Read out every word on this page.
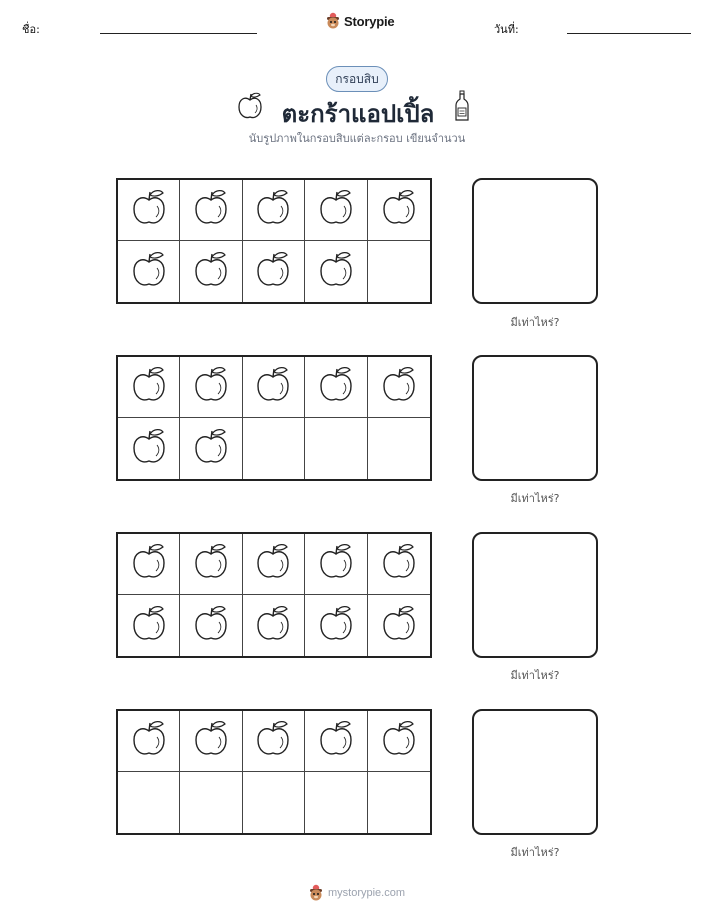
ชื่อ:
Storypie
วันที่:
กรอบสิบ
ตะกร้าแอปเปิ้ล
นับรูปภาพในกรอบสิบแต่ละกรอบ เขียนจำนวน
มีเท่าไหร่?
มีเท่าไหร่?
มีเท่าไหร่?
มีเท่าไหร่?
mystorypie.com
